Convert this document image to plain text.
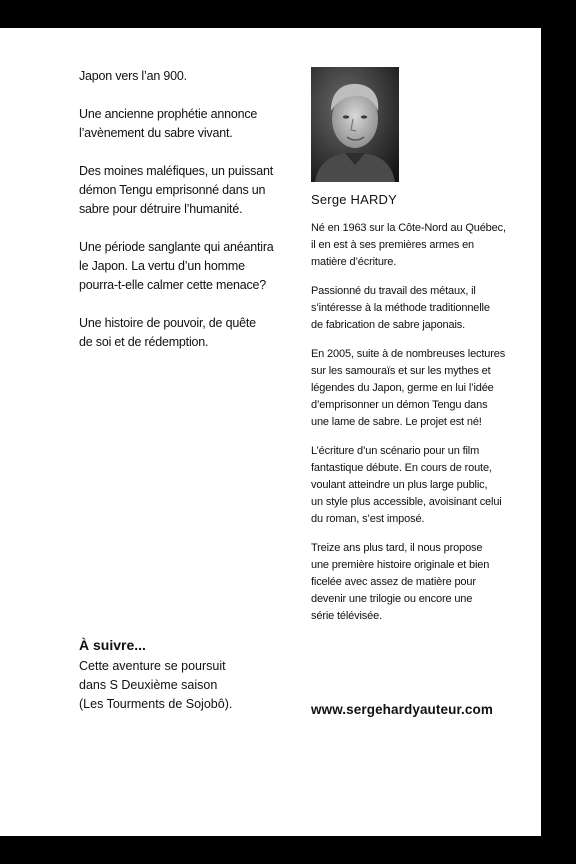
Japon vers l’an 900.

Une ancienne prophétie annonce
l’avènement du sabre vivant.

Des moines maléfiques, un puissant
démon Tengu emprisonné dans un
sabre pour détruire l’humanité.

Une période sanglante qui anéantira
le Japon. La vertu d’un homme
pourra-t-elle calmer cette menace?

Une histoire de pouvoir, de quête
de soi et de rédemption.

Serge HARDY

Né en 1963 sur la Côte-Nord au Québec,
il en est à ses premières armes en
matière d’écriture.

Passionné du travail des métaux, il
s’intéresse à la méthode traditionnelle
de fabrication de sabre japonais.

En 2005, suite à de nombreuses lectures
sur les samouraïs et sur les mythes et
légendes du Japon, germe en lui l’idée
d’emprisonner un démon Tengu dans
une lame de sabre. Le projet est né!

L’écriture d’un scénario pour un film
fantastique débute. En cours de route,
voulant atteindre un plus large public,
un style plus accessible, avoisinant celui
du roman, s’est imposé.

Treize ans plus tard, il nous propose
une première histoire originale et bien
ficelée avec assez de matière pour
devenir une trilogie ou encore une
série télévisée.

À suivre...
Cette aventure se poursuit
dans S Deuxième saison
(Les Tourments de Sojobô).	www.sergehardyauteur.com
